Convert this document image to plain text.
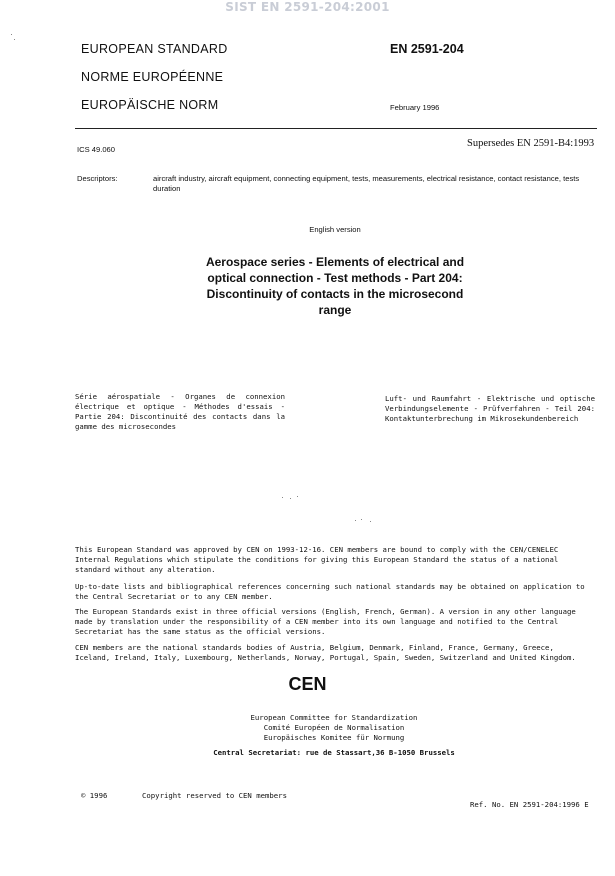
SIST EN 2591-204:2001
EUROPEAN STANDARD
NORME EUROPÉENNE
EUROPÄISCHE NORM
EN 2591-204
February 1996
ICS 49.060
Supersedes EN 2591-B4:1993
Descriptors:	aircraft industry, aircraft equipment, connecting equipment, tests, measurements, electrical resistance, contact resistance, tests duration
English version
Aerospace series - Elements of electrical and optical connection - Test methods - Part 204: Discontinuity of contacts in the microsecond range
Série aérospatiale - Organes de connexion électrique et optique - Méthodes d'essais - Partie 204: Discontinuité des contacts dans la gamme des microsecondes
Luft- und Raumfahrt - Elektrische und optische Verbindungselemente - Prüfverfahren - Teil 204: Kontaktunterbrechung im Mikrosekundenbereich
This European Standard was approved by CEN on 1993-12-16. CEN members are bound to comply with the CEN/CENELEC Internal Regulations which stipulate the conditions for giving this European Standard the status of a national standard without any alteration.
Up-to-date lists and bibliographical references concerning such national standards may be obtained on application to the Central Secretariat or to any CEN member.
The European Standards exist in three official versions (English, French, German). A version in any other language made by translation under the responsibility of a CEN member into its own language and notified to the Central Secretariat has the same status as the official versions.
CEN members are the national standards bodies of Austria, Belgium, Denmark, Finland, France, Germany, Greece, Iceland, Ireland, Italy, Luxembourg, Netherlands, Norway, Portugal, Spain, Sweden, Switzerland and United Kingdom.
CEN
European Committee for Standardization
Comité Européen de Normalisation
Europäisches Komitee für Normung
Central Secretariat: rue de Stassart,36 B-1050 Brussels
© 1996	Copyright reserved to CEN members
Ref. No. EN 2591-204:1996 E
